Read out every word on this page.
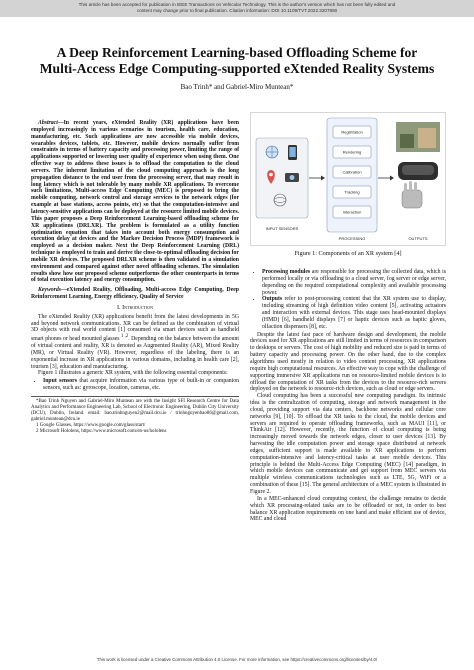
This article has been accepted for publication in IEEE Transactions on Vehicular Technology. This is the author's version which has not been fully edited and
content may change prior to final publication. Citation information: DOI 10.1109/TVT.2022.3207880
A Deep Reinforcement Learning-based Offloading Scheme for
Multi-Access Edge Computing-supported eXtended Reality Systems
Bao Trinh* and Gabriel-Miro Muntean*

Abstract—In recent years, eXtended Reality (XR) applications have been employed increasingly in various scenarios in tourism, health care, education, manufacturing, etc. Such applications are now accessible via mobile devices, wearables devices, tablets, etc. However, mobile devices normally suffer from constraints in terms of battery capacity and processing power, limiting the range of applications supported or lowering user quality of experience when using them. One effective way to address these issues is to offload the computation to the cloud servers. The inherent limitation of the cloud computing approach is the long propagation distance to the end user from the processing server, that may result in long latency which is not tolerable by many mobile XR applications. To overcome such limitations, Multi-access Edge Computing (MEC) is proposed to bring the mobile computing, network control and storage services to the network edges (for example at base stations, access points, etc) so that the computation-intensive and latency-sensitive applications can be deployed at the resource limited mobile devices. This paper proposes a Deep Reinforcement Learning-based offloading scheme for XR applications (DRLXR). The problem is formulated as a utility function optimization equation that takes into account both energy consumption and execution delay at devices and the Markov Decision Process (MDP) framework is employed as a decision maker. Next the Deep Reinforcement Learning (DRL) technique is employed to train and derive the close-to-optimal offloading decision for mobile XR devices. The proposed DRLXR scheme is then validated in a simulation environment and compared against other novel offloading schemes. The simulation results show how our proposed scheme outperforms the other counterparts in terms of total execution latency and energy consumption.

Keywords—eXtended Reality, Offloading, Multi-access Edge Computing, Deep Reinforcement Learning, Energy efficiency, Quality of Service

I. Introduction

The eXtended Reality (XR) applications benefit from the latest developments in 5G and beyond network communications. XR can be defined as the combination of virtual 3D objects with real world content [1] consumed via smart devices such as handheld smart phones or head mounted glasses $^{1 ,2}$. Depending on the balance between the amount of virtual content and reality, XR is denoted as Augmented Reality (AR), Mixed Reality (MR), or Virtual Reality (VR). However, regardless of the labeling, there is an exponential increase in XR applications in various domains, including in health care [2], tourism [3], education and manufacturing.

Figure 1 illustrates a generic XR system, with the following essential components:

• Input sensors that acquire information via various type of built-in or companion sensors, such as: gyroscope, location, cameras, etc.

*Bao Trinh Nguyen and Gabriel-Miro Muntean are with the Insight SFI Research Centre for Data Analytics and Performance Engineering Lab, School of Electronic Engineering, Dublin City University (DCU), Dublin, Ireland. email: bao.trinhnguyen2@mail.dcu.ie / trinhnguyenbao86@gmail.com, gabriel.muntean@dcu.ie

1 Google Glasses, https://www.google.com/glass/start/

2 Microsoft Hololens, https://www.microsoft.com/en-us/hololens

INPUT SENSORS
Registration
Rendering
Calibration
Tracking
Interaction
PROCESSING	OUTPUTS
Figure 1: Components of an XR system [4]
• Processing modules are responsible for processing the collected data, which is performed locally or via offloading to a cloud server, fog server or edge server, depending on the required computational complexity and available processing power.
• Outputs refer to post-processing content that the XR system use to display, including streaming of high definition video content [5], activating actuators and interaction with external devices. This stage uses head-mounted displays (HMD) [6], handheld displays [7] or haptic devices such as haptic gloves, olfaction dispensers [8], etc.

Despite the latest fast pace of hardware design and development, the mobile devices used for XR applications are still limited in terms of resources in comparison to desktops or servers. The cost of high mobility and reduced size is paid in terms of battery capacity and processing power. On the other hand, due to the complex algorithms used mostly in relation to video content processing, XR applications require high computational resources. An effective way to cope with the challenge of supporting immersive XR applications run on resource-limited mobile devices is to offload the computation of XR tasks from the devices to the resource-rich servers deployed on the network to resource-rich devices, such as cloud or edge servers.

Cloud computing has been a successful new computing paradigm. Its intrinsic idea is the centralization of computing, storage and network management in the cloud, providing support via data centers, backbone networks and cellular core networks [9], [10]. To offload the XR tasks to the cloud, the mobile devices and servers are required to operate offloading frameworks, such as MAUI [11], or ThinkAir [12]. However, recently, the function of cloud computing is being increasingly moved towards the network edges, closer to user devices [13]. By harvesting the idle computation power and storage space distributed at network edges, sufficient support is made available to XR applications to perform computation-intensive and latency-critical tasks at user mobile devices. This principle is behind the Multi-Access Edge Computing (MEC) [14] paradigm, in which mobile devices can communicate and get support from MEC servers via multiple wireless communications technologies such as LTE, 5G, WiFi or a combination of these [15]. The general architecture of a MEC system is illustrated in Figure 2.

In a MEC-enhanced cloud computing context, the challenge remains to decide which XR processing-related tasks are to be offloaded or not, in order to best balance XR application requirements on one hand and make efficient use of device, MEC and cloud

This work is licensed under a Creative Commons Attribution 4.0 License. For more information, see https://creativecommons.org/licenses/by/4.0/
